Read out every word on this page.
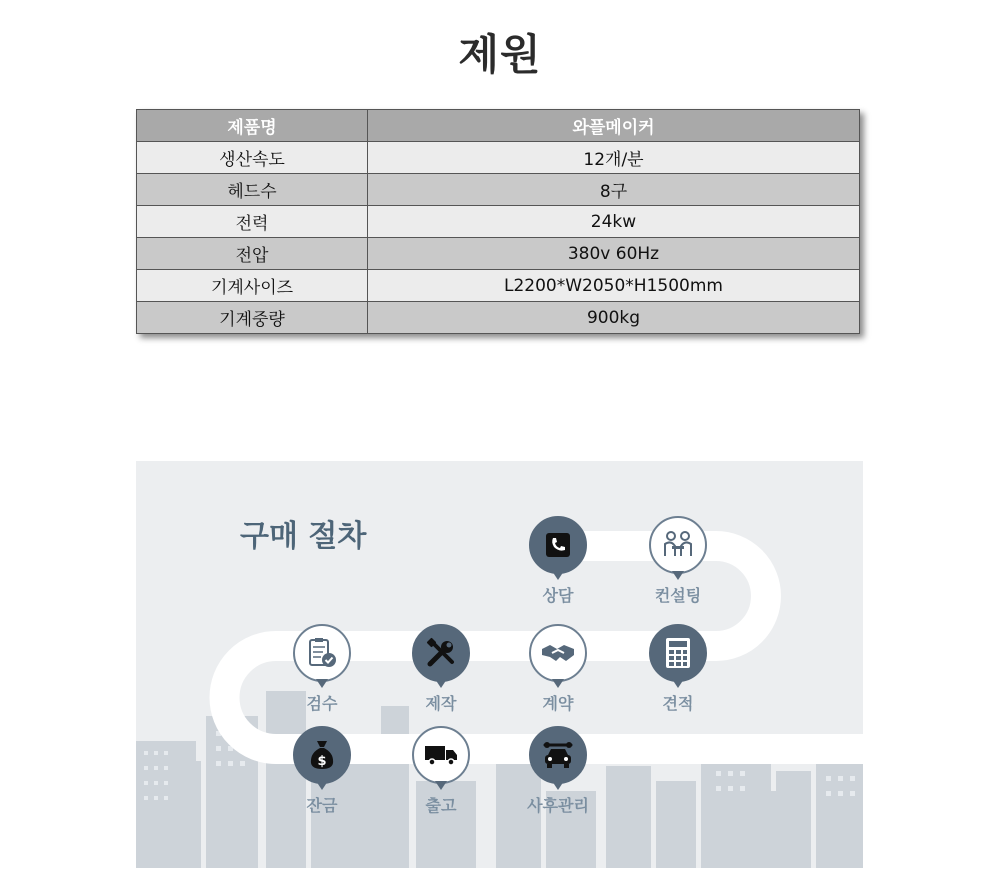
제원
제품명	와플메이커
생산속도	12개/분
헤드수	8구
전력	24kw
전압	380v 60Hz
기계사이즈	L2200*W2050*H1500mm
기계중량	900kg
구매 절차
상담	컨설팅
견적
계약
제작
검수
$
잔금	출고	사후관리
